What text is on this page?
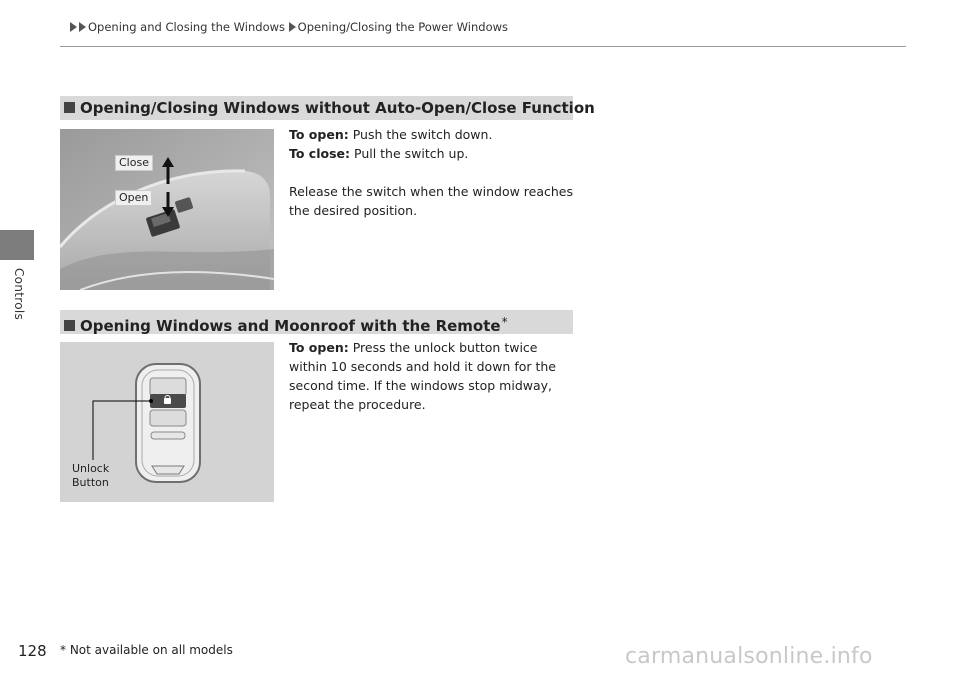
Controls
Opening and Closing the Windows Opening/Closing the Power Windows
Opening/Closing Windows without Auto-Open/Close Function
Close
Open

To open: Push the switch down.

To close: Pull the switch up.

Release the switch when the window reaches

the desired position.

Opening Windows and Moonroof with the Remote*
Unlock
Button

To open: Press the unlock button twice

within 10 seconds and hold it down for the

second time. If the windows stop midway,

repeat the procedure.

128 * Not available on all models	carmanualsonline.info
